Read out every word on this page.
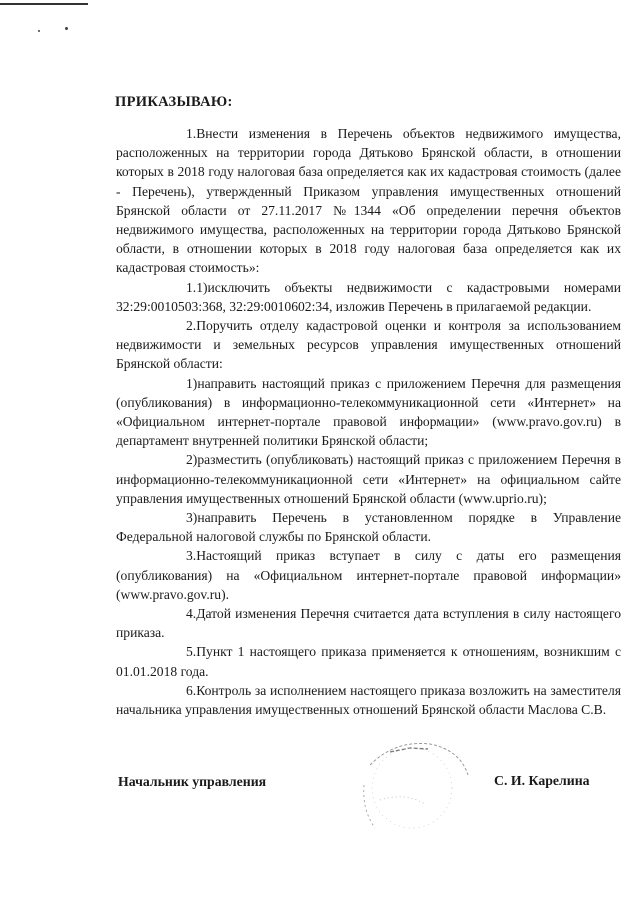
ПРИКАЗЫВАЮ:

1.Внести изменения в Перечень объектов недвижимого имущества, расположенных на территории города Дятьково Брянской области, в отношении которых в 2018 году налоговая база определяется как их кадастровая стоимость (далее - Перечень), утвержденный Приказом управления имущественных отношений Брянской области от 27.11.2017 №1344 «Об определении перечня объектов недвижимого имущества, расположенных на территории города Дятьково Брянской области, в отношении которых в 2018 году налоговая база определяется как их кадастровая стоимость»:

1.1)исключить объекты недвижимости с кадастровыми номерами 32:29:0010503:368, 32:29:0010602:34, изложив Перечень в прилагаемой редакции.

2.Поручить отделу кадастровой оценки и контроля за использованием недвижимости и земельных ресурсов управления имущественных отношений Брянской области:

1)направить настоящий приказ с приложением Перечня для размещения (опубликования) в информационно-телекоммуникационной сети «Интернет» на «Официальном интернет-портале правовой информации» (www.pravo.gov.ru) в департамент внутренней политики Брянской области;

2)разместить (опубликовать) настоящий приказ с приложением Перечня в информационно-телекоммуникационной сети «Интернет» на официальном сайте управления имущественных отношений Брянской области (www.uprio.ru);

3)направить Перечень в установленном порядке в Управление Федеральной налоговой службы по Брянской области.

3.Настоящий приказ вступает в силу с даты его размещения (опубликования) на «Официальном интернет-портале правовой информации» (www.pravo.gov.ru).

4.Датой изменения Перечня считается дата вступления в силу настоящего приказа.

5.Пункт 1 настоящего приказа применяется к отношениям, возникшим с 01.01.2018 года.

6.Контроль за исполнением настоящего приказа возложить на заместителя начальника управления имущественных отношений Брянской области Маслова С.В.

Начальник управления	С. И. Карелина
